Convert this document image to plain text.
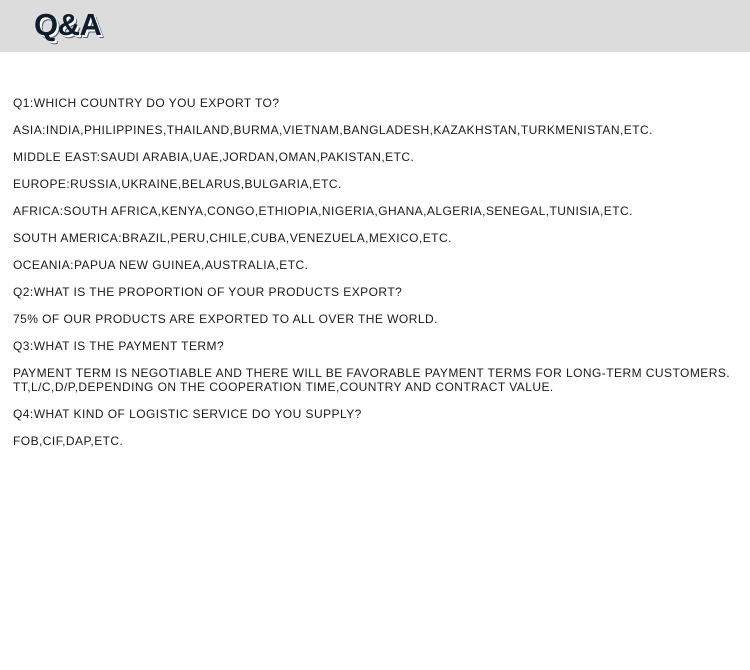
Q&A
Q1:WHICH COUNTRY DO YOU EXPORT TO?
ASIA:INDIA,PHILIPPINES,THAILAND,BURMA,VIETNAM,BANGLADESH,KAZAKHSTAN,TURKMENISTAN,ETC.
MIDDLE EAST:SAUDI ARABIA,UAE,JORDAN,OMAN,PAKISTAN,ETC.
EUROPE:RUSSIA,UKRAINE,BELARUS,BULGARIA,ETC.
AFRICA:SOUTH AFRICA,KENYA,CONGO,ETHIOPIA,NIGERIA,GHANA,ALGERIA,SENEGAL,TUNISIA,ETC.
SOUTH AMERICA:BRAZIL,PERU,CHILE,CUBA,VENEZUELA,MEXICO,ETC.
OCEANIA:PAPUA NEW GUINEA,AUSTRALIA,ETC.
Q2:WHAT IS THE PROPORTION OF YOUR PRODUCTS EXPORT?
75% OF OUR PRODUCTS ARE EXPORTED TO ALL OVER THE WORLD.
Q3:WHAT IS THE PAYMENT TERM?
PAYMENT TERM IS NEGOTIABLE AND THERE WILL BE FAVORABLE PAYMENT TERMS FOR LONG-TERM CUSTOMERS.
TT,L/C,D/P,DEPENDING ON THE COOPERATION TIME,COUNTRY AND CONTRACT VALUE.
Q4:WHAT KIND OF LOGISTIC SERVICE DO YOU SUPPLY?
FOB,CIF,DAP,ETC.
